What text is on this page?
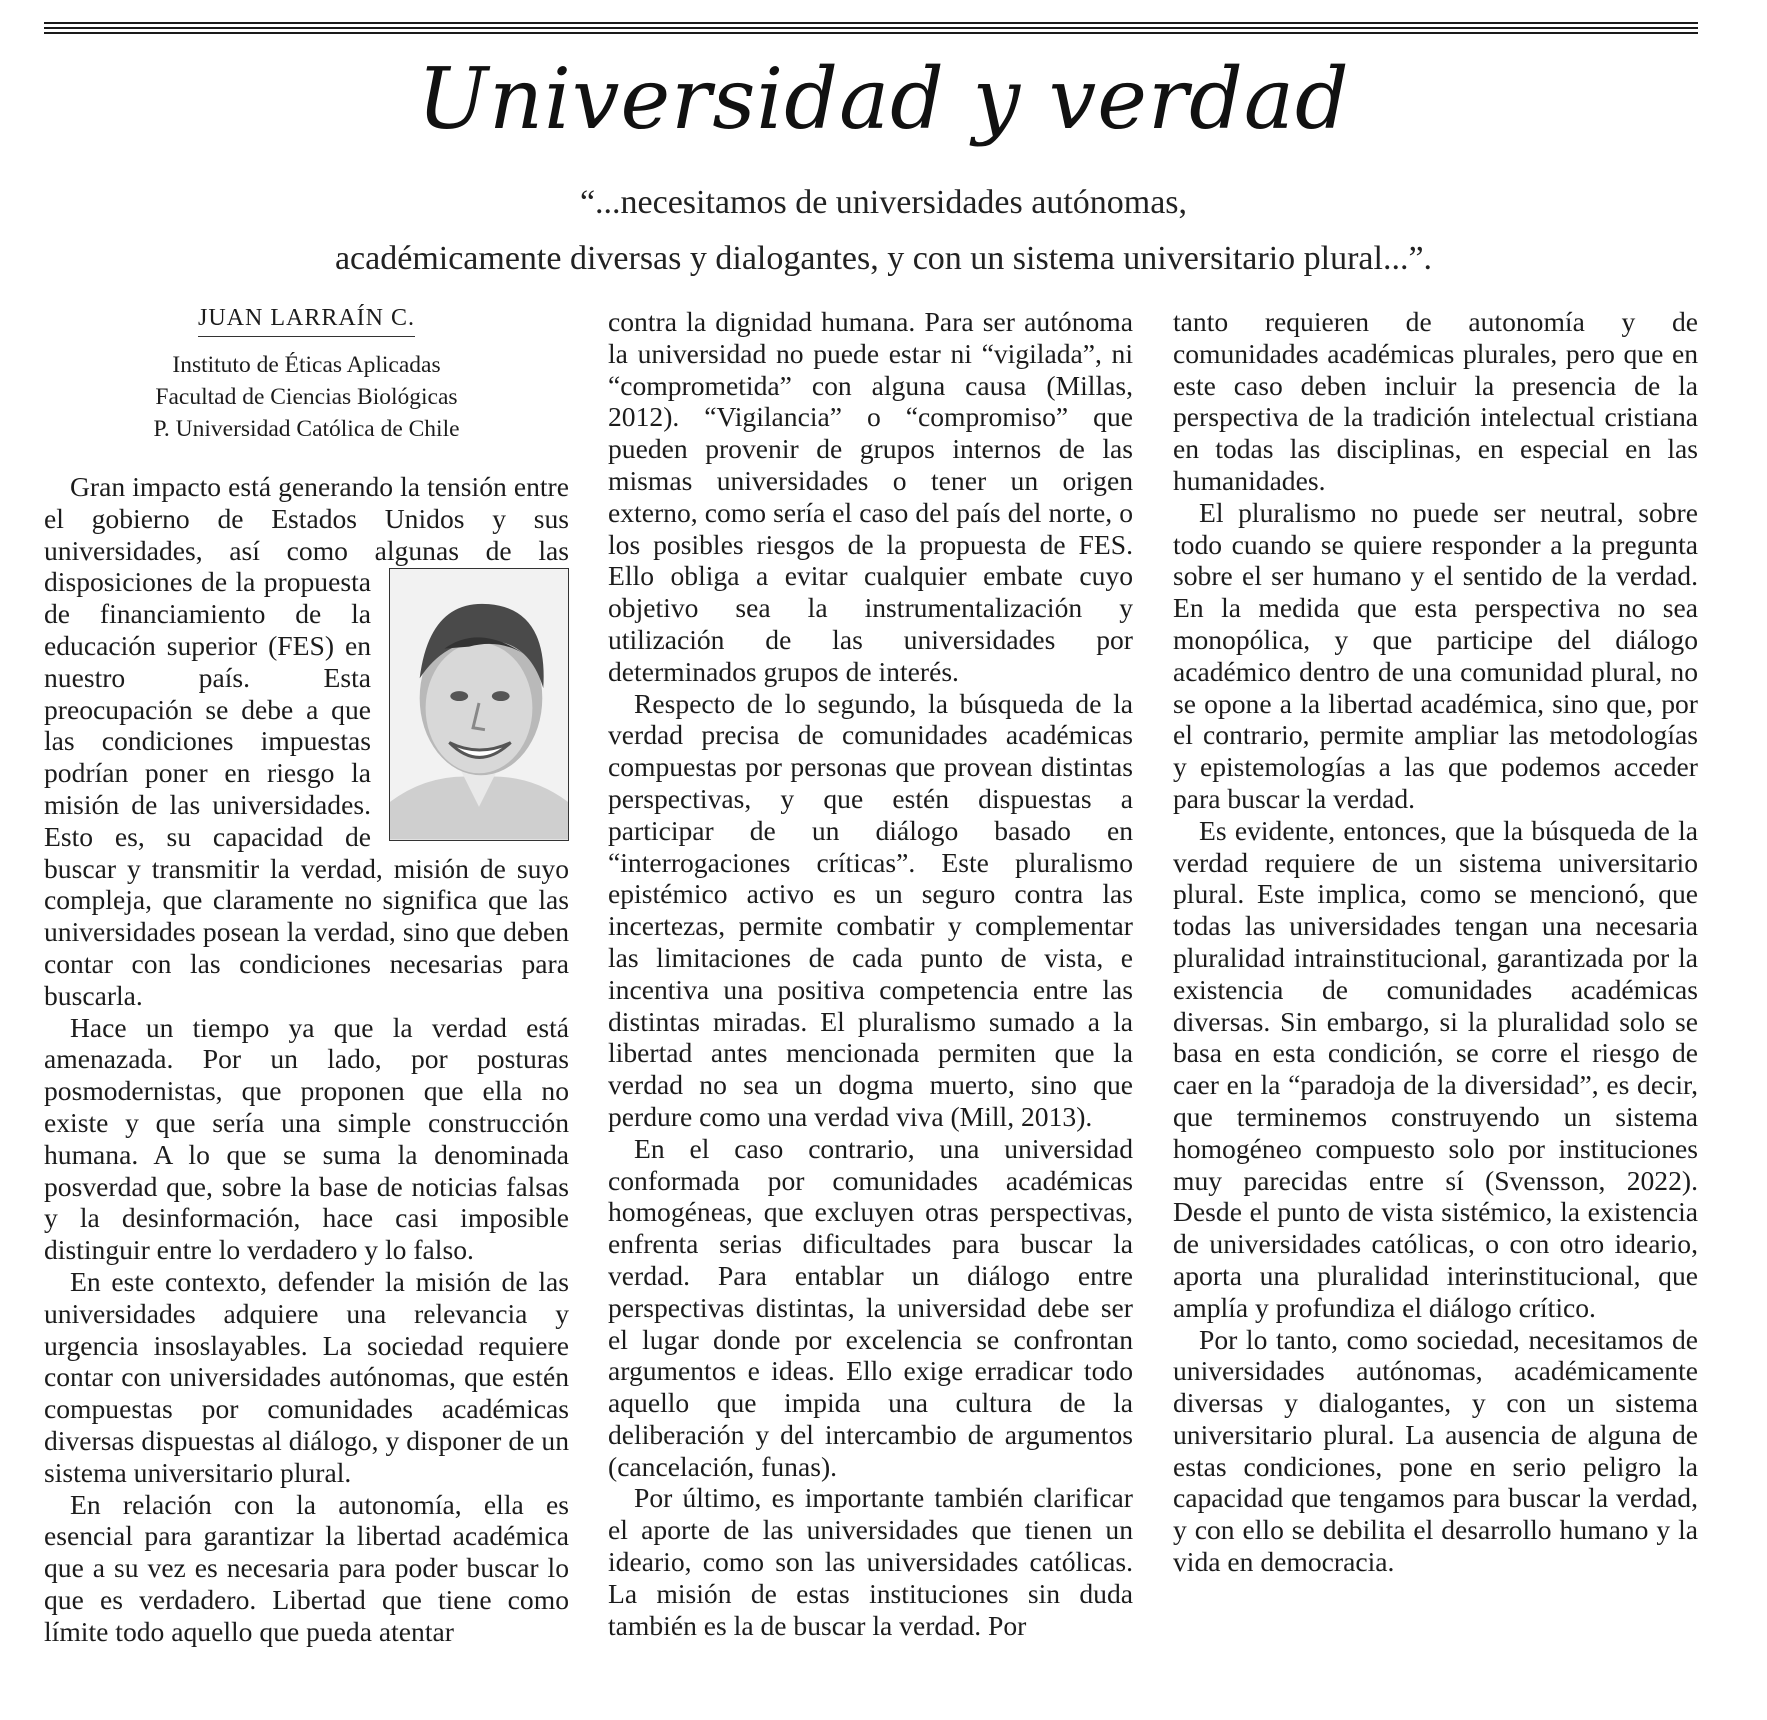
Universidad y verdad
“...necesitamos de universidades autónomas,
académicamente diversas y dialogantes, y con un sistema universitario plural...”.
JUAN LARRAÍN C.
Instituto de Éticas Aplicadas
Facultad de Ciencias Biológicas
P. Universidad Católica de Chile

Gran impacto está generando la tensión entre el gobierno de Estados Unidos y sus universidades, así como algunas de las disposiciones de la propuesta
de financiamiento de la educación superior (FES) en nuestro país. Esta preocupación se debe a que las condiciones impuestas podrían poner en riesgo la misión de las universidades. Esto es, su capacidad de buscar y transmitir la verdad, misión de suyo compleja, que claramente no significa que las universidades posean la verdad, sino que deben contar con las condiciones necesarias para buscarla.

Hace un tiempo ya que la verdad está amenazada. Por un lado, por posturas posmodernistas, que proponen que ella no existe y que sería una simple construcción humana. A lo que se suma la denominada posverdad que, sobre la base de noticias falsas y la desinformación, hace casi imposible distinguir entre lo verdadero y lo falso.

En este contexto, defender la misión de las universidades adquiere una relevancia y urgencia insoslayables. La sociedad requiere contar con universidades autónomas, que estén compuestas por comunidades académicas diversas dispuestas al diálogo, y disponer de un sistema universitario plural.

En relación con la autonomía, ella es esencial para garantizar la libertad académica que a su vez es necesaria para poder buscar lo que es verdadero. Libertad que tiene como límite todo aquello que pueda atentar

contra la dignidad humana. Para ser autónoma la universidad no puede estar ni “vigilada”, ni “comprometida” con alguna causa (Millas, 2012). “Vigilancia” o “compromiso” que pueden provenir de grupos internos de las mismas universidades o tener un origen externo, como sería el caso del país del norte, o los posibles riesgos de la propuesta de FES. Ello obliga a evitar cualquier embate cuyo objetivo sea la instrumentalización y utilización de las universidades por determinados grupos de interés.

Respecto de lo segundo, la búsqueda de la verdad precisa de comunidades académicas compuestas por personas que provean distintas perspectivas, y que estén dispuestas a participar de un diálogo basado en “interrogaciones críticas”. Este pluralismo epistémico activo es un seguro contra las incertezas, permite combatir y complementar las limitaciones de cada punto de vista, e incentiva una positiva competencia entre las distintas miradas. El pluralismo sumado a la libertad antes mencionada permiten que la verdad no sea un dogma muerto, sino que perdure como una verdad viva (Mill, 2013).

En el caso contrario, una universidad conformada por comunidades académicas homogéneas, que excluyen otras perspectivas, enfrenta serias dificultades para buscar la verdad. Para entablar un diálogo entre perspectivas distintas, la universidad debe ser el lugar donde por excelencia se confrontan argumentos e ideas. Ello exige erradicar todo aquello que impida una cultura de la deliberación y del intercambio de argumentos (cancelación, funas).

Por último, es importante también clarificar el aporte de las universidades que tienen un ideario, como son las universidades católicas. La misión de estas instituciones sin duda también es la de buscar la verdad. Por

tanto requieren de autonomía y de comunidades académicas plurales, pero que en este caso deben incluir la presencia de la perspectiva de la tradición intelectual cristiana en todas las disciplinas, en especial en las humanidades.

El pluralismo no puede ser neutral, sobre todo cuando se quiere responder a la pregunta sobre el ser humano y el sentido de la verdad. En la medida que esta perspectiva no sea monopólica, y que participe del diálogo académico dentro de una comunidad plural, no se opone a la libertad académica, sino que, por el contrario, permite ampliar las metodologías y epistemologías a las que podemos acceder para buscar la verdad.

Es evidente, entonces, que la búsqueda de la verdad requiere de un sistema universitario plural. Este implica, como se mencionó, que todas las universidades tengan una necesaria pluralidad intrainstitucional, garantizada por la existencia de comunidades académicas diversas. Sin embargo, si la pluralidad solo se basa en esta condición, se corre el riesgo de caer en la “paradoja de la diversidad”, es decir, que terminemos construyendo un sistema homogéneo compuesto solo por instituciones muy parecidas entre sí (Svensson, 2022). Desde el punto de vista sistémico, la existencia de universidades católicas, o con otro ideario, aporta una pluralidad interinstitucional, que amplía y profundiza el diálogo crítico.

Por lo tanto, como sociedad, necesitamos de universidades autónomas, académicamente diversas y dialogantes, y con un sistema universitario plural. La ausencia de alguna de estas condiciones, pone en serio peligro la capacidad que tengamos para buscar la verdad, y con ello se debilita el desarrollo humano y la vida en democracia.
